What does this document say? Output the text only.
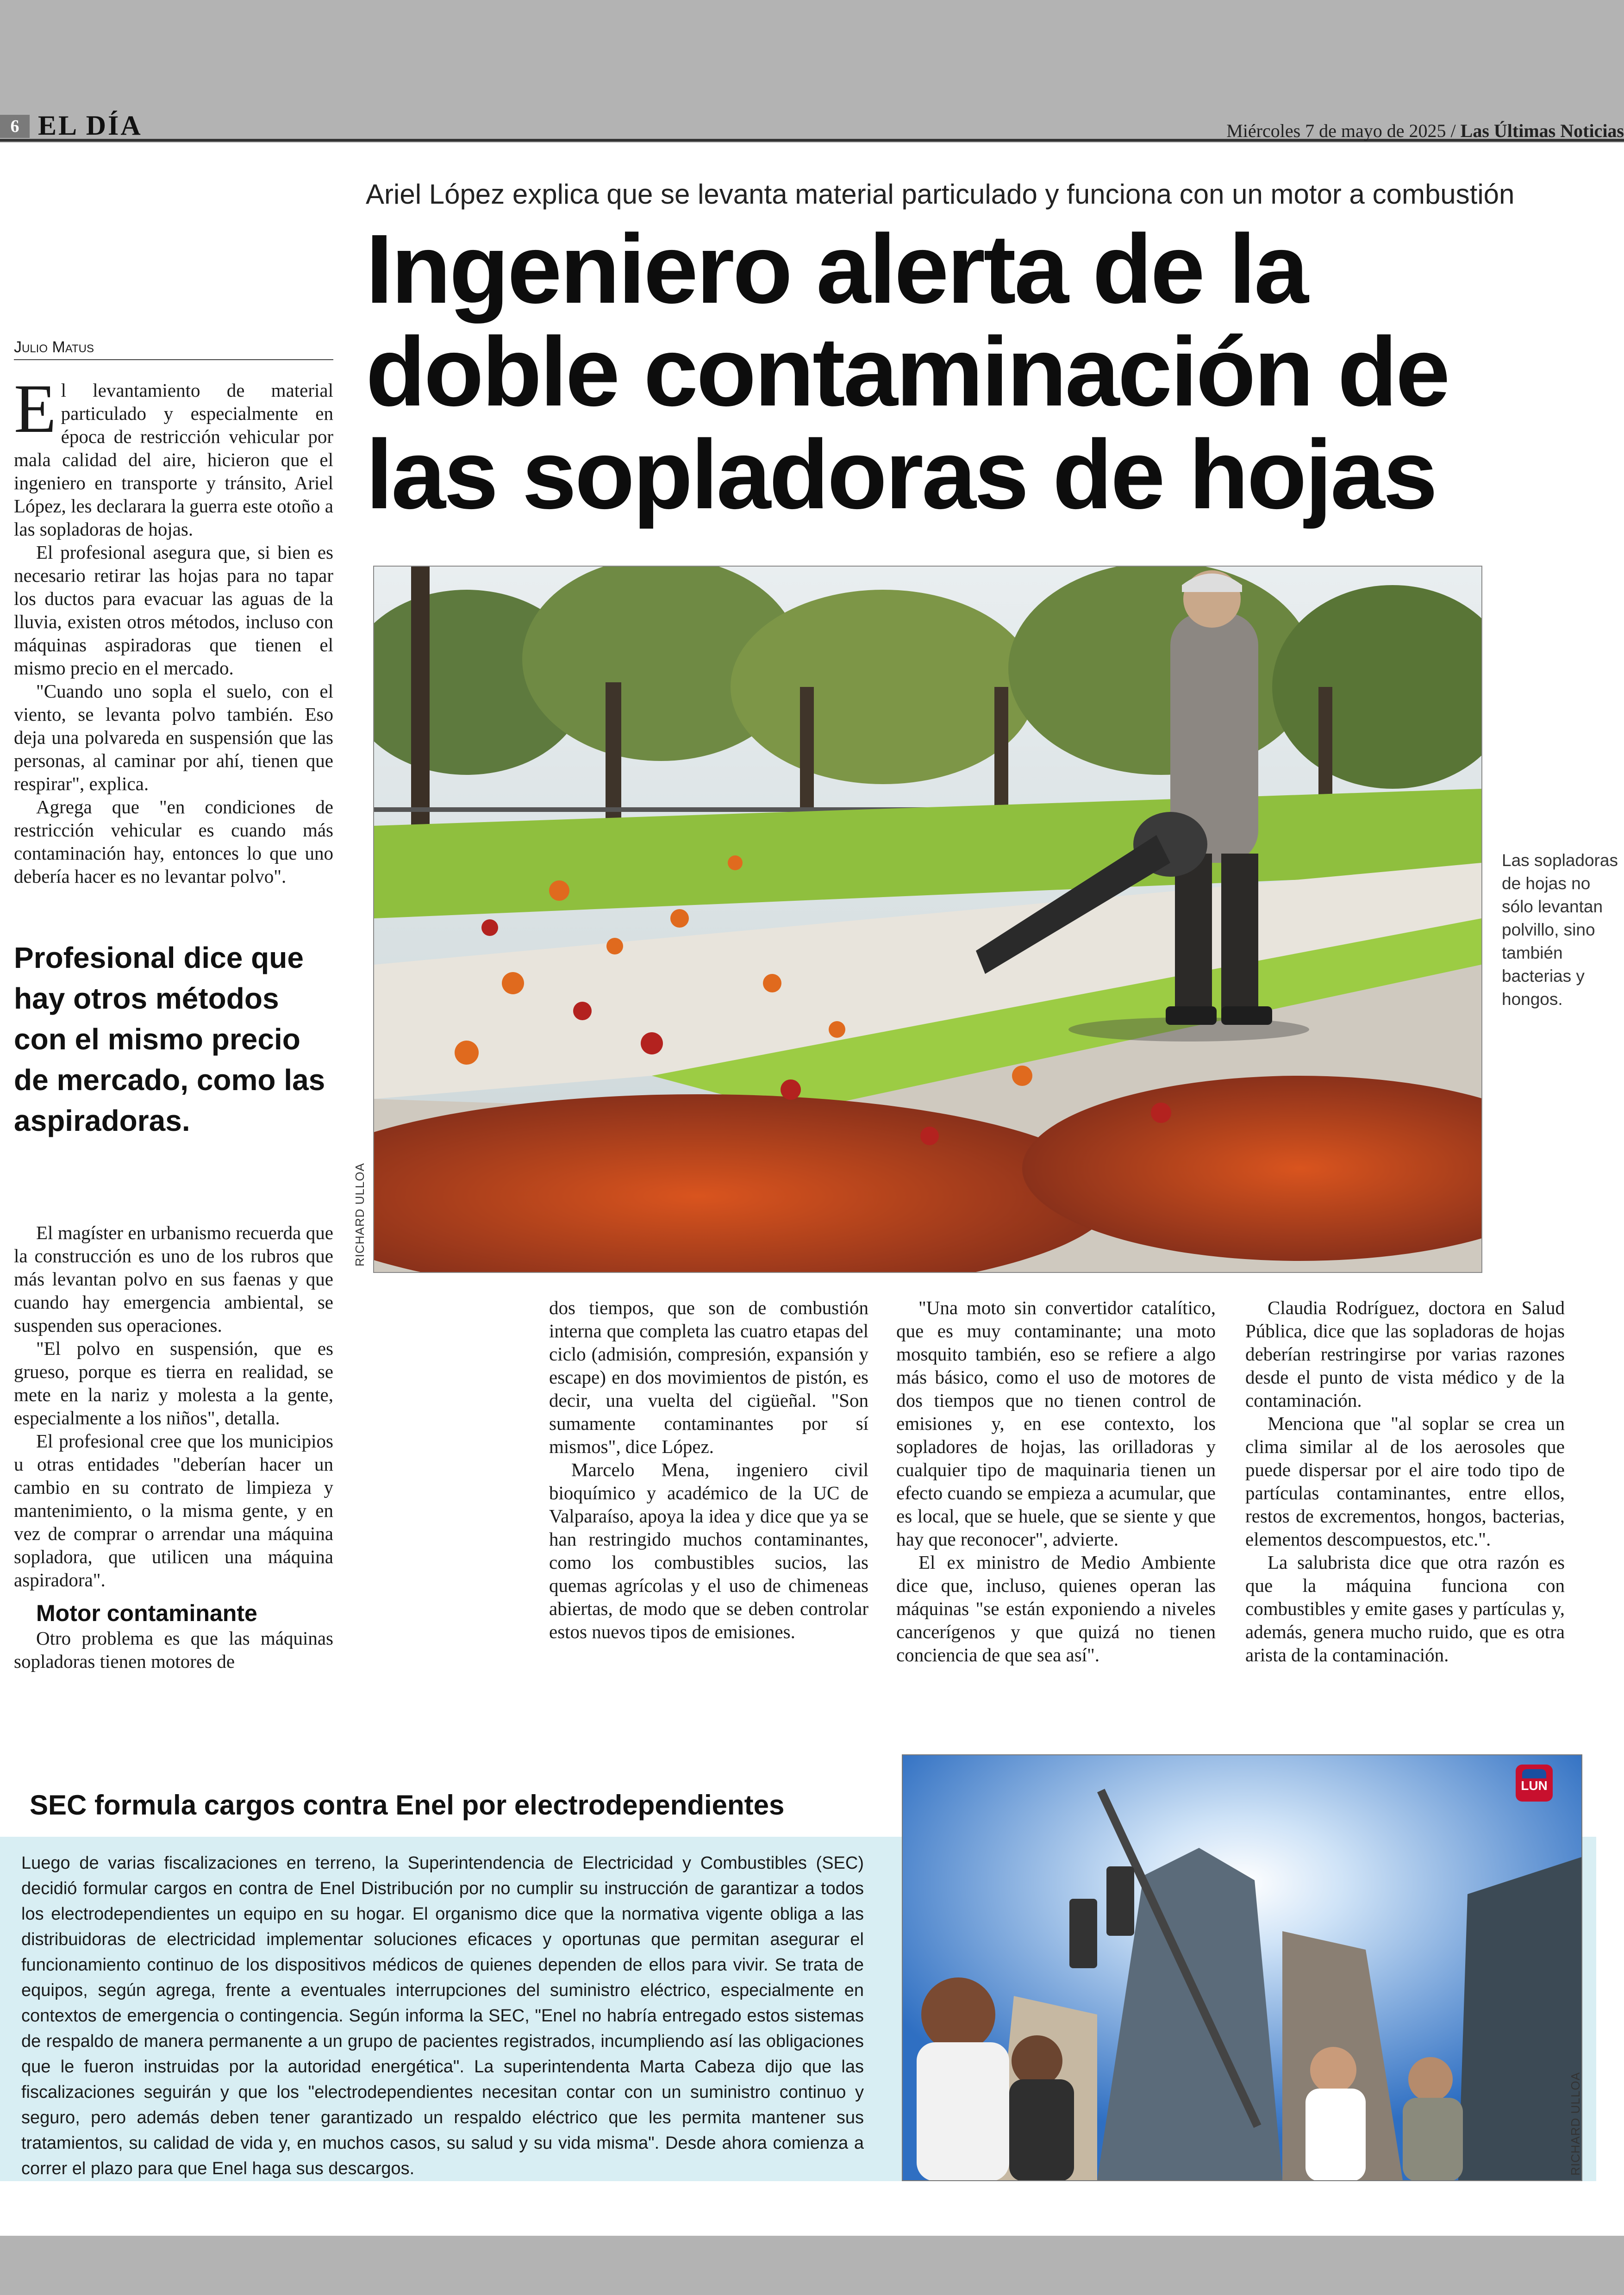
6 EL DÍA	Miércoles 7 de mayo de 2025 / Las Últimas Noticias
Ariel López explica que se levanta material particulado y funciona con un motor a combustión
Ingeniero alerta de la doble contaminación de las sopladoras de hojas
Julio Matus

El levantamiento de material particulado y especialmente en época de restricción vehicular por mala calidad del aire, hicieron que el ingeniero en transporte y tránsito, Ariel López, les declarara la guerra este otoño a las sopladoras de hojas.

El profesional asegura que, si bien es necesario retirar las hojas para no tapar los ductos para evacuar las aguas de la lluvia, existen otros métodos, incluso con máquinas aspiradoras que tienen el mismo precio en el mercado.

"Cuando uno sopla el suelo, con el viento, se levanta polvo también. Eso deja una polvareda en suspensión que las personas, al caminar por ahí, tienen que respirar", explica.

Agrega que "en condiciones de restricción vehicular es cuando más contaminación hay, entonces lo que uno debería hacer es no levantar polvo".

Profesional dice que hay otros métodos con el mismo precio de mercado, como las aspiradoras.

El magíster en urbanismo recuerda que la construcción es uno de los rubros que más levantan polvo en sus faenas y que cuando hay emergencia ambiental, se suspenden sus operaciones.

"El polvo en suspensión, que es grueso, porque es tierra en realidad, se mete en la nariz y molesta a la gente, especialmente a los niños", detalla.

El profesional cree que los municipios u otras entidades "deberían hacer un cambio en su contrato de limpieza y mantenimiento, o la misma gente, y en vez de comprar o arrendar una máquina sopladora, que utilicen una máquina aspiradora".

Motor contaminante

Otro problema es que las máquinas sopladoras tienen motores de

RICHARD ULLOA
Las sopladoras de hojas no sólo levantan polvillo, sino también bacterias y hongos.

dos tiempos, que son de combustión interna que completa las cuatro etapas del ciclo (admisión, compresión, expansión y escape) en dos movimientos de pistón, es decir, una vuelta del cigüeñal. "Son sumamente contaminantes por sí mismos", dice López.

Marcelo Mena, ingeniero civil bioquímico y académico de la UC de Valparaíso, apoya la idea y dice que ya se han restringido muchos contaminantes, como los combustibles sucios, las quemas agrícolas y el uso de chimeneas abiertas, de modo que se deben controlar estos nuevos tipos de emisiones.

"Una moto sin convertidor catalítico, que es muy contaminante; una moto mosquito también, eso se refiere a algo más básico, como el uso de motores de dos tiempos que no tienen control de emisiones y, en ese contexto, los sopladores de hojas, las orilladoras y cualquier tipo de maquinaria tienen un efecto cuando se empieza a acumular, que es local, que se huele, que se siente y que hay que reconocer", advierte.

El ex ministro de Medio Ambiente dice que, incluso, quienes operan las máquinas "se están exponiendo a niveles cancerígenos y que quizá no tienen conciencia de que sea así".

Claudia Rodríguez, doctora en Salud Pública, dice que las sopladoras de hojas deberían restringirse por varias razones desde el punto de vista médico y de la contaminación.

Menciona que "al soplar se crea un clima similar al de los aerosoles que puede dispersar por el aire todo tipo de partículas contaminantes, entre ellos, restos de excrementos, hongos, bacterias, elementos descompuestos, etc.".

La salubrista dice que otra razón es que la máquina funciona con combustibles y emite gases y partículas y, además, genera mucho ruido, que es otra arista de la contaminación.

SEC formula cargos contra Enel por electrodependientes
Luego de varias fiscalizaciones en terreno, la Superintendencia de Electricidad y Combustibles (SEC) decidió formular cargos en contra de Enel Distribución por no cumplir su instrucción de garantizar a todos los electrodependientes un equipo en su hogar. El organismo dice que la normativa vigente obliga a las distribuidoras de electricidad implementar soluciones eficaces y oportunas que permitan asegurar el funcionamiento continuo de los dispositivos médicos de quienes dependen de ellos para vivir. Se trata de equipos, según agrega, frente a eventuales interrupciones del suministro eléctrico, especialmente en contextos de emergencia o contingencia. Según informa la SEC, "Enel no habría entregado estos sistemas de respaldo de manera permanente a un grupo de pacientes registrados, incumpliendo así las obligaciones que le fueron instruidas por la autoridad energética". La superintendenta Marta Cabeza dijo que las fiscalizaciones seguirán y que los "electrodependientes necesitan contar con un suministro continuo y seguro, pero además deben tener garantizado un respaldo eléctrico que les permita mantener sus tratamientos, su calidad de vida y, en muchos casos, su salud y su vida misma". Desde ahora comienza a correr el plazo para que Enel haga sus descargos.
LUN
RICHARD ULLOA
